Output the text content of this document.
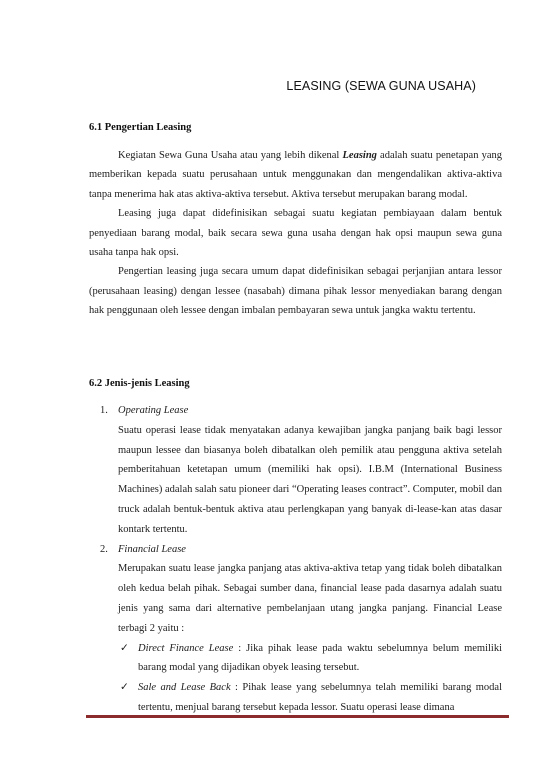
LEASING (SEWA GUNA USAHA)
6.1 Pengertian Leasing

Kegiatan Sewa Guna Usaha atau yang lebih dikenal Leasing adalah suatu penetapan yang memberikan kepada suatu perusahaan untuk menggunakan dan mengendalikan aktiva-aktiva tanpa menerima hak atas aktiva-aktiva tersebut. Aktiva tersebut merupakan barang modal.

Leasing juga dapat didefinisikan sebagai suatu kegiatan pembiayaan dalam bentuk penyediaan barang modal, baik secara sewa guna usaha dengan hak opsi maupun sewa guna usaha tanpa hak opsi.

Pengertian leasing juga secara umum dapat didefinisikan sebagai perjanjian antara lessor (perusahaan leasing) dengan lessee (nasabah) dimana pihak lessor menyediakan barang dengan hak penggunaan oleh lessee dengan imbalan pembayaran sewa untuk jangka waktu tertentu.

6.2 Jenis-jenis Leasing
1. Operating Lease
Suatu operasi lease tidak menyatakan adanya kewajiban jangka panjang baik bagi lessor maupun lessee dan biasanya boleh dibatalkan oleh pemilik atau pengguna aktiva setelah pemberitahuan ketetapan umum (memiliki hak opsi). I.B.M (International Business Machines) adalah salah satu pioneer dari “Operating leases contract”. Computer, mobil dan truck adalah bentuk-bentuk aktiva atau perlengkapan yang banyak di-lease-kan atas dasar kontark tertentu.
2. Financial Lease
Merupakan suatu lease jangka panjang atas aktiva-aktiva tetap yang tidak boleh dibatalkan oleh kedua belah pihak. Sebagai sumber dana, financial lease pada dasarnya adalah suatu jenis yang sama dari alternative pembelanjaan utang jangka panjang. Financial Lease terbagi 2 yaitu :
✓ Direct Finance Lease : Jika pihak lease pada waktu sebelumnya belum memiliki barang modal yang dijadikan obyek leasing tersebut.
✓ Sale and Lease Back : Pihak lease yang sebelumnya telah memiliki barang modal tertentu, menjual barang tersebut kepada lessor. Suatu operasi lease dimana
